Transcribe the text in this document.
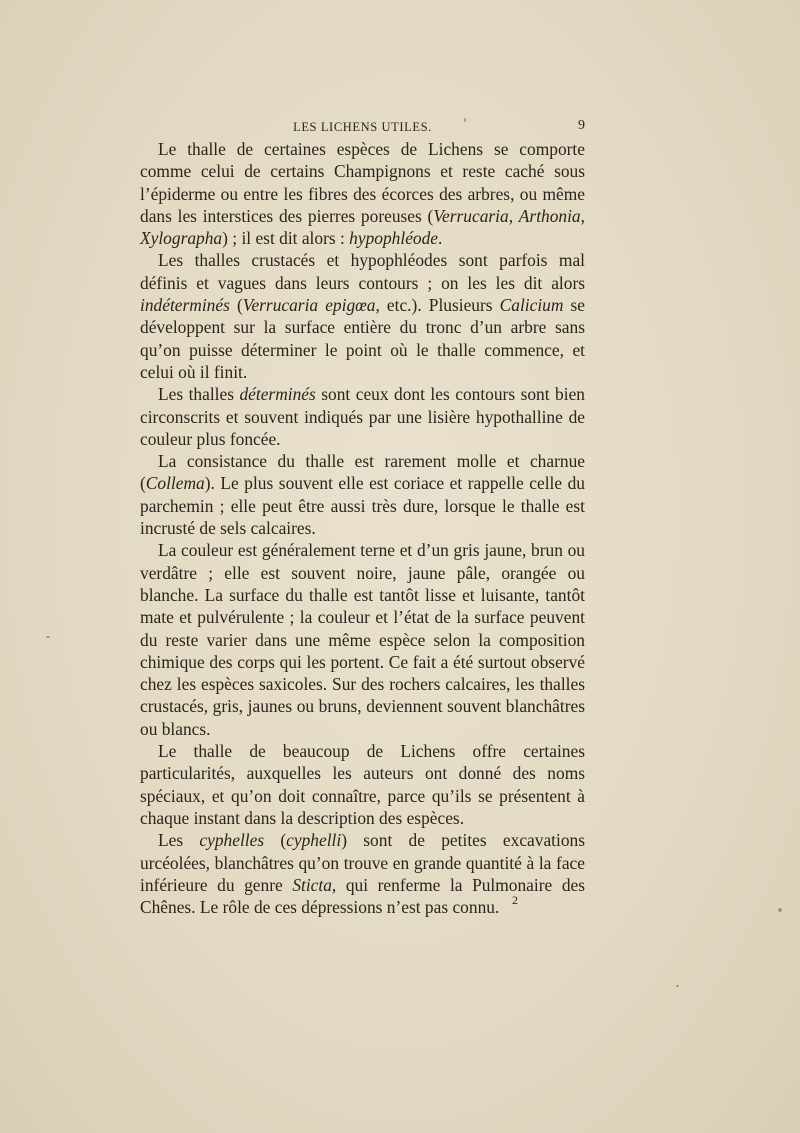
LES LICHENS UTILES.	9

Le thalle de certaines espèces de Lichens se comporte comme celui de certains Champignons et reste caché sous l’épiderme ou entre les fibres des écorces des arbres, ou même dans les interstices des pierres poreuses (Verrucaria, Arthonia, Xylographa) ; il est dit alors : hypophléode.

Les thalles crustacés et hypophléodes sont parfois mal définis et vagues dans leurs contours ; on les les dit alors indéterminés (Verrucaria epigœa, etc.). Plusieurs Calicium se développent sur la surface entière du tronc d’un arbre sans qu’on puisse déterminer le point où le thalle commence, et celui où il finit.

Les thalles déterminés sont ceux dont les contours sont bien circonscrits et souvent indiqués par une lisière hypothalline de couleur plus foncée.

La consistance du thalle est rarement molle et charnue (Collema). Le plus souvent elle est coriace et rappelle celle du parchemin ; elle peut être aussi très dure, lorsque le thalle est incrusté de sels calcaires.

La couleur est généralement terne et d’un gris jaune, brun ou verdâtre ; elle est souvent noire, jaune pâle, orangée ou blanche. La surface du thalle est tantôt lisse et luisante, tantôt mate et pulvérulente ; la couleur et l’état de la surface peuvent du reste varier dans une même espèce selon la composition chimique des corps qui les portent. Ce fait a été surtout observé chez les espèces saxicoles. Sur des rochers calcaires, les thalles crustacés, gris, jaunes ou bruns, deviennent souvent blanchâtres ou blancs.

Le thalle de beaucoup de Lichens offre certaines particularités, auxquelles les auteurs ont donné des noms spéciaux, et qu’on doit connaître, parce qu’ils se présentent à chaque instant dans la description des espèces.

Les cyphelles (cyphelli) sont de petites excavations urcéolées, blanchâtres qu’on trouve en grande quantité à la face inférieure du genre Sticta, qui renferme la Pulmonaire des Chênes. Le rôle de ces dépressions n’est pas connu.	2
